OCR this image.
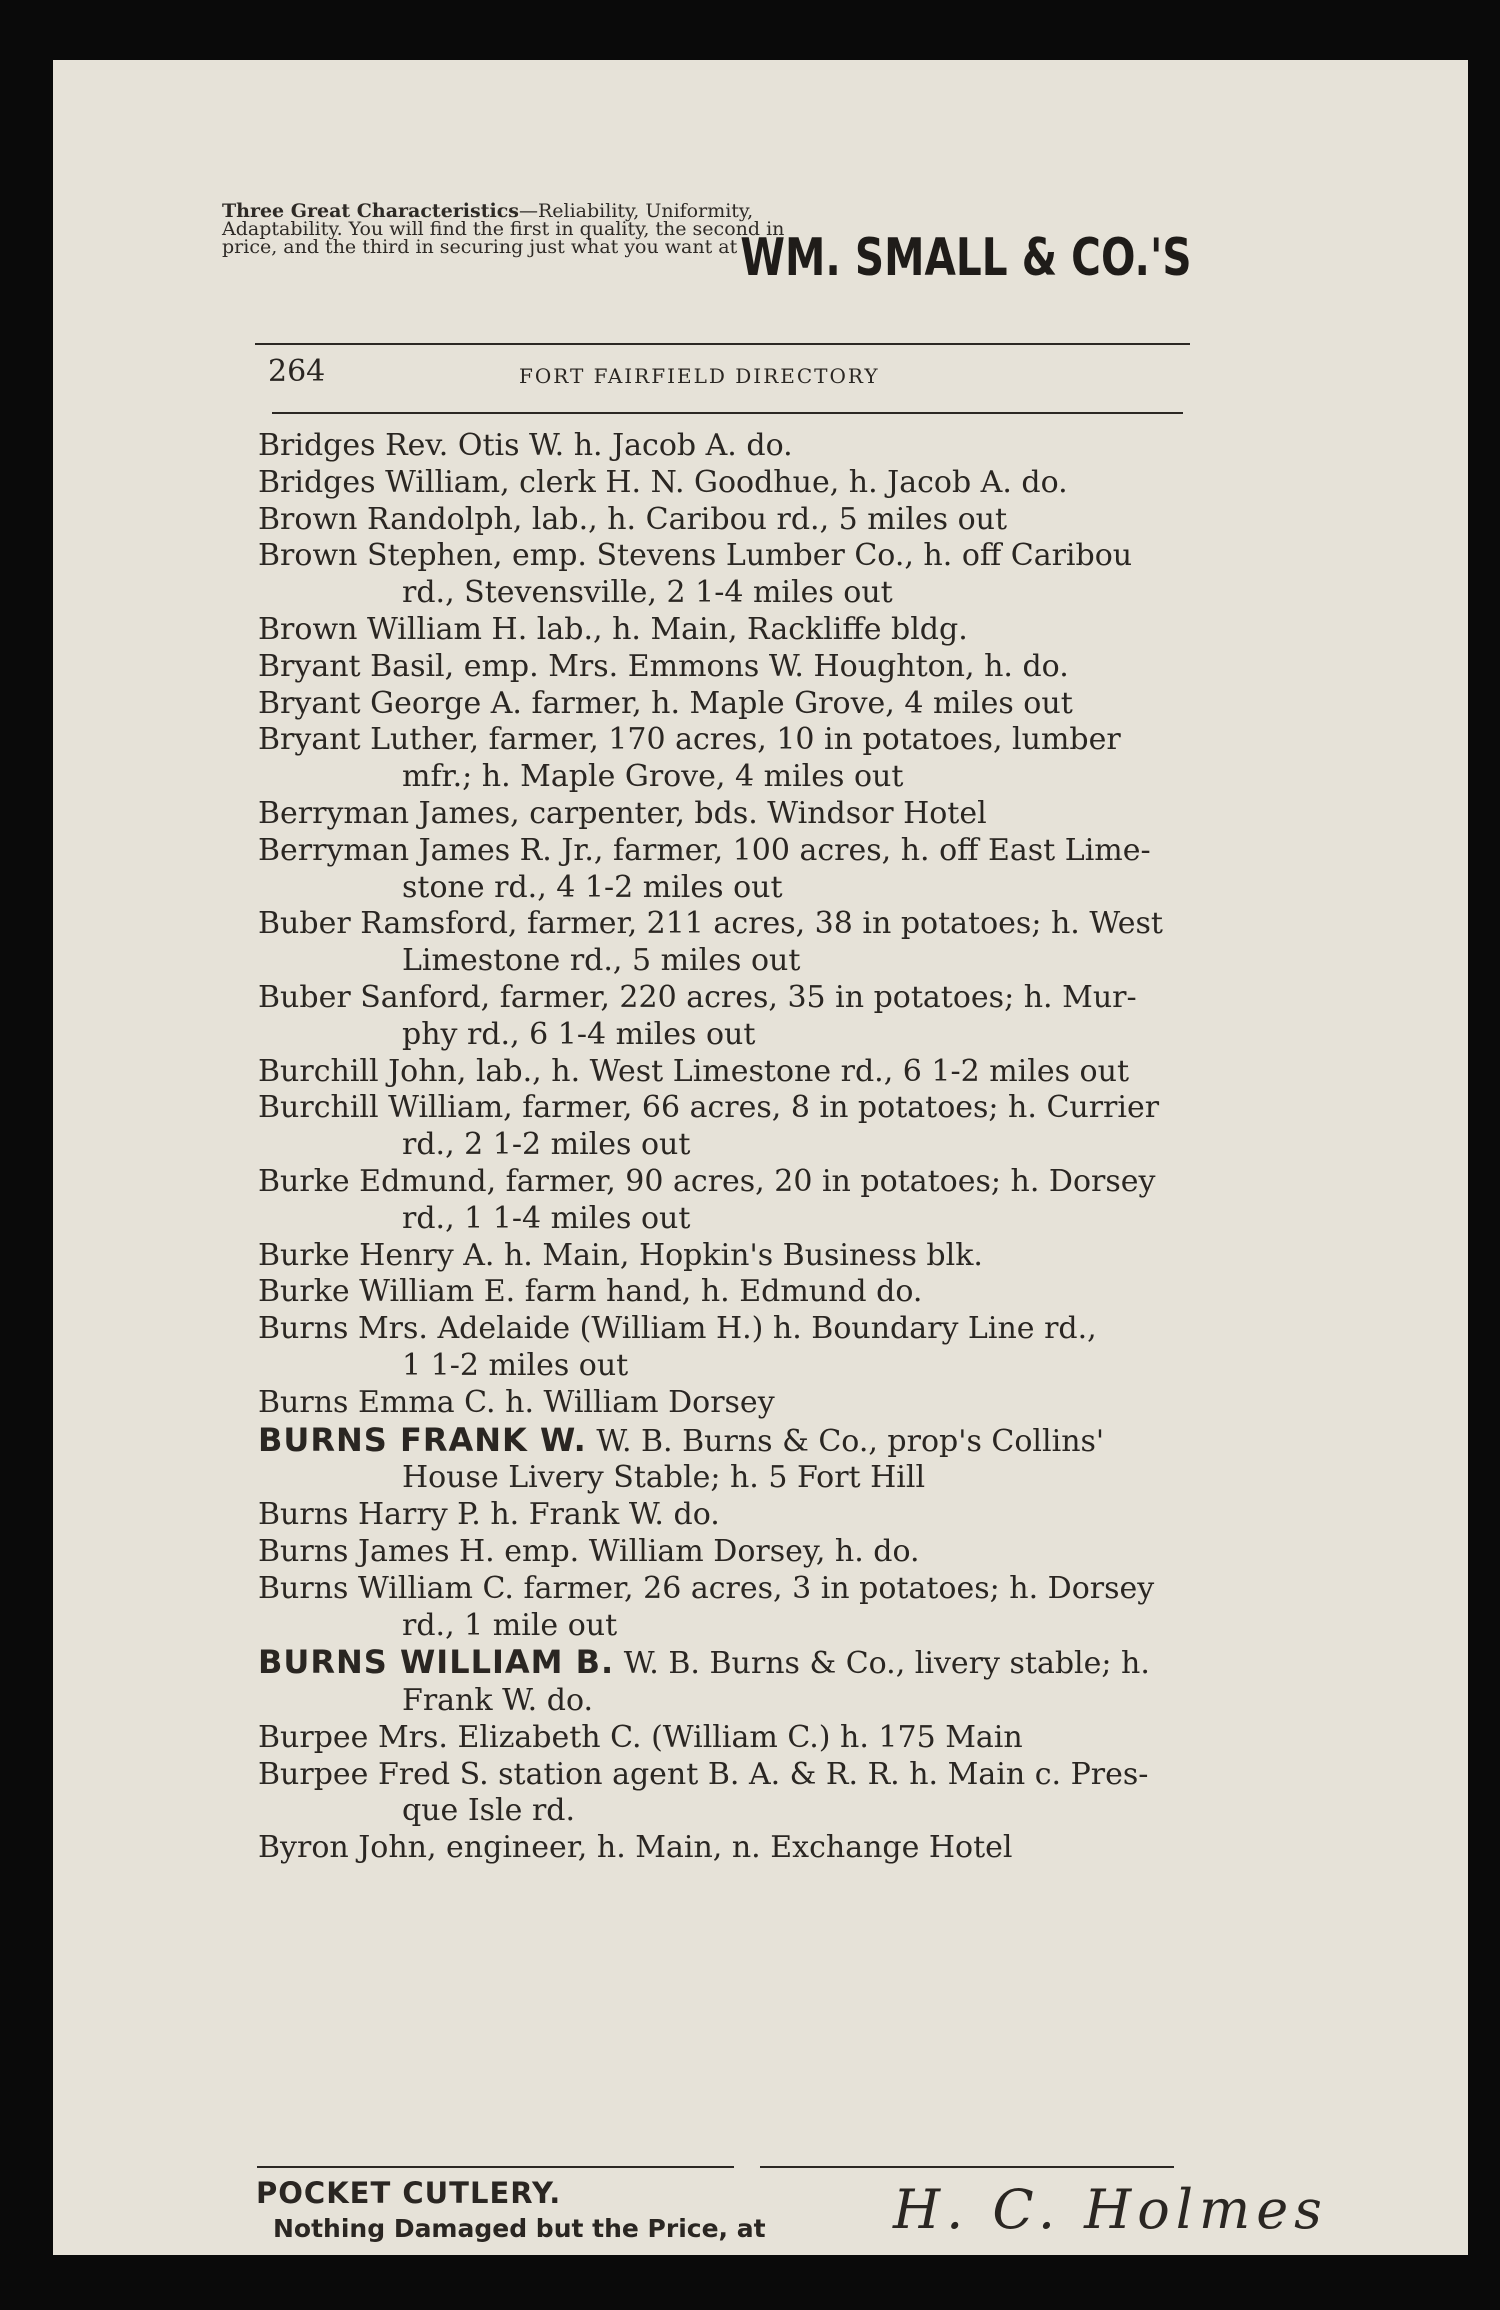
Three Great Characteristics—Reliability, Uniformity, Adaptability. You will find the first in quality, the second in price, and the third in securing just what you want at WM. SMALL & CO.'S
264	FORT FAIRFIELD DIRECTORY
Bridges Rev. Otis W. h. Jacob A. do.
Bridges William, clerk H. N. Goodhue, h. Jacob A. do.
Brown Randolph, lab., h. Caribou rd., 5 miles out
Brown Stephen, emp. Stevens Lumber Co., h. off Caribou
rd., Stevensville, 2 1-4 miles out
Brown William H. lab., h. Main, Rackliffe bldg.
Bryant Basil, emp. Mrs. Emmons W. Houghton, h. do.
Bryant George A. farmer, h. Maple Grove, 4 miles out
Bryant Luther, farmer, 170 acres, 10 in potatoes, lumber
mfr.; h. Maple Grove, 4 miles out
Berryman James, carpenter, bds. Windsor Hotel
Berryman James R. Jr., farmer, 100 acres, h. off East Lime-
stone rd., 4 1-2 miles out
Buber Ramsford, farmer, 211 acres, 38 in potatoes; h. West
Limestone rd., 5 miles out
Buber Sanford, farmer, 220 acres, 35 in potatoes; h. Mur-
phy rd., 6 1-4 miles out
Burchill John, lab., h. West Limestone rd., 6 1-2 miles out
Burchill William, farmer, 66 acres, 8 in potatoes; h. Currier
rd., 2 1-2 miles out
Burke Edmund, farmer, 90 acres, 20 in potatoes; h. Dorsey
rd., 1 1-4 miles out
Burke Henry A. h. Main, Hopkin's Business blk.
Burke William E. farm hand, h. Edmund do.
Burns Mrs. Adelaide (William H.) h. Boundary Line rd.,
1 1-2 miles out
Burns Emma C. h. William Dorsey
BURNS FRANK W. W. B. Burns & Co., prop's Collins'
House Livery Stable; h. 5 Fort Hill
Burns Harry P. h. Frank W. do.
Burns James H. emp. William Dorsey, h. do.
Burns William C. farmer, 26 acres, 3 in potatoes; h. Dorsey
rd., 1 mile out
BURNS WILLIAM B. W. B. Burns & Co., livery stable; h.
Frank W. do.
Burpee Mrs. Elizabeth C. (William C.) h. 175 Main
Burpee Fred S. station agent B. A. & R. R. h. Main c. Pres-
que Isle rd.
Byron John, engineer, h. Main, n. Exchange Hotel
POCKET CUTLERY.
Nothing Damaged but the Price, at H. C. Holmes
